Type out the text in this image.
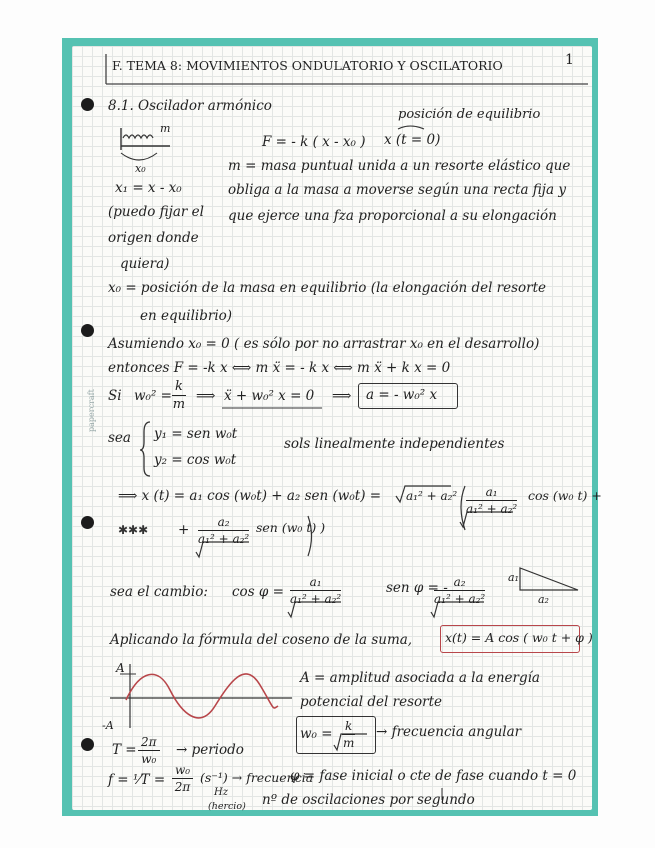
F. TEMA 8: MOVIMIENTOS ONDULATORIO Y OSCILATORIO	1
8.1. Oscilador armónico
m
x₀
posición de equilibrio
x (t = 0)
F = - k ( x - x₀ )
m = masa puntual unida a un resorte elástico que
obliga a la masa a moverse según una recta fija y
que ejerce una fza proporcional a su elongación
x₁ = x - x₀
(puedo fijar el
origen donde
quiera)
x₀ = posición de la masa en equilibrio (la elongación del resorte
en equilibrio)
Asumiendo x₀ = 0 ( es sólo por no arrastrar x₀ en el desarrollo)
entonces F = -k x ⟺ m ẍ = - k x ⟺ m ẍ + k x = 0
Si $w_0^2 = \frac{k}{m}$ ⟹ ẍ + w₀² x = 0 ⟹ a = - w₀² x
sea y₁ = sen w₀t
y₂ = cos w₀t
sols linealmente independientes
⟹ x (t) = a₁ cos (w₀t) + a₂ sen $(w_0t) = a_1^2 + a_2^2 \frac{\text{a₁}}{\text{a₁² + a₂²}}$ cos (w₀ t) +
✱✱✱ + $\frac{\text{a₂}}{\text{a₁² + a₂²}}$ sen (w₀ t) )
sea el cambio: $\cos \varphi = \frac{\text{a₁}}{\text{a₁² + a₂²}}$	sen φ = -
$\frac{\text{a₂}}{\text{a₁² + a₂²}} a_1$
a₂
Aplicando la fórmula del coseno de la suma,	x(t) = A cos ( w₀ t + φ )
A
-A
A = amplitud asociada a la energía
potencial del resorte
$w_0 = \frac{k}{m}$ → frecuencia angular
$T = \frac{2\pi}{\text{w₀}}$ → periodo
f = ¹⁄T = $\frac{\text{w₀}}{2\pi} (s^{-1})$ → frecuencia
Hz
(hercio)
φ = fase inicial o cte de fase cuando t = 0
nº de oscilaciones por segundo
papercraft
